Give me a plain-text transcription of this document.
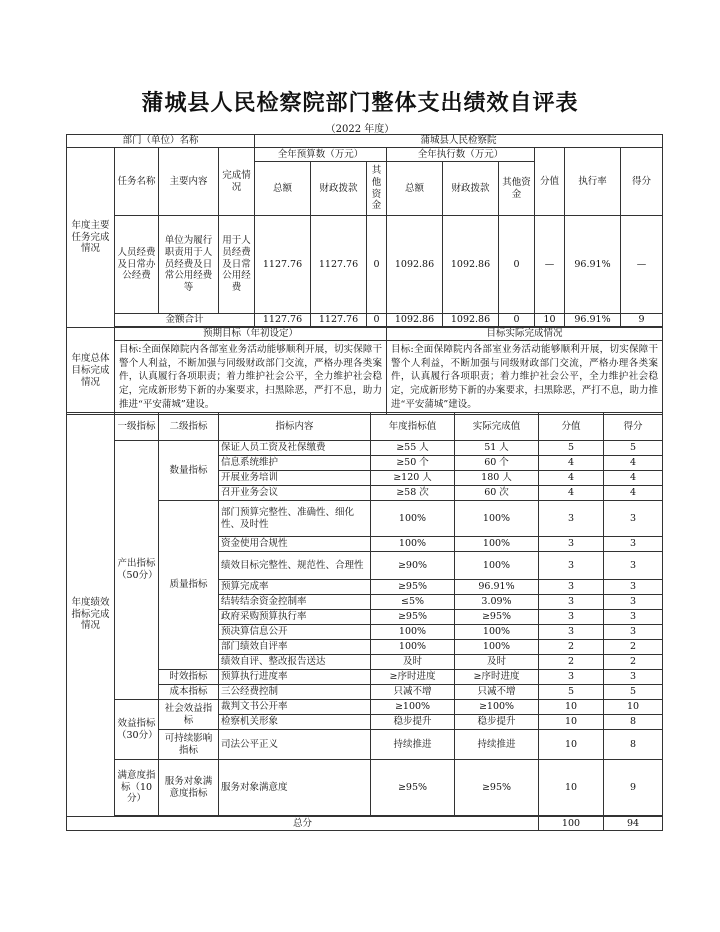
蒲城县人民检察院部门整体支出绩效自评表
（2022 年度）
部门（单位）名称				蒲城县人民检察院								
年度主要任务完成情况	任务名称	主要内容	完成情况	全年预算数（万元）			全年执行数（万元）			分值	执行率	得分
				总额	财政拨款	其他资金	总额	财政拨款	其他资金			
	人员经费及日常办公经费	单位为履行职责用于人员经费及日常公用经费等	用于人员经费及日常公用经费	1127.76	1127.76	0	1092.86	1092.86	0	—	96.91%	—
	金额合计			1127.76	1127.76	0	1092.86	1092.86	0	10	96.91%	9

年度总体目标完成情况	预期目标（年初设定）						目标实际完成情况					
	目标:全面保障院内各部室业务活动能够顺利开展，切实保障干警个人利益，不断加强与同级财政部门交流，严格办理各类案件，认真履行各项职责；着力维护社会公平，全力维护社会稳定，完成新形势下新的办案要求，扫黑除恶，严打不息，助力推进“平安蒲城”建设。						目标:全面保障院内各部室业务活动能够顺利开展，切实保障干警个人利益，不断加强与同级财政部门交流，严格办理各类案件，认真履行各项职责；着力维护社会公平，全力维护社会稳定，完成新形势下新的办案要求，扫黑除恶，严打不息，助力推进“平安蒲城”建设。					
年度绩效指标完成情况	一级指标	二级指标	指标内容	年度指标值	实际完成值	分值	得分
	产出指标（50分）	数量指标	保证人员工资及社保缴费	≥55 人	51 人	5	5
			信息系统维护	≥50 个	60 个	4	4
			开展业务培训	≥120 人	180 人	4	4
			召开业务会议	≥58 次	60 次	4	4
		质量指标	部门预算完整性、准确性、细化性、及时性	100%	100%	3	3
			资金使用合规性	100%	100%	3	3
			绩效目标完整性、规范性、合理性	≥90%	100%	3	3
			预算完成率	≥95%	96.91%	3	3
			结转结余资金控制率	≤5%	3.09%	3	3
			政府采购预算执行率	≥95%	≥95%	3	3
			预决算信息公开	100%	100%	3	3
			部门绩效自评率	100%	100%	2	2
			绩效自评、整改报告送达	及时	及时	2	2
		时效指标	预算执行进度率	≥序时进度	≥序时进度	3	3
		成本指标	三公经费控制	只减不增	只减不增	5	5
	效益指标（30分）	社会效益指标	裁判文书公开率	≥100%	≥100%	10	10
			检察机关形象	稳步提升	稳步提升	10	8
		可持续影响指标	司法公平正义	持续推进	持续推进	10	8
	满意度指标（10分）	服务对象满意度指标	服务对象满意度	≥95%	≥95%	10	9

总分						100	94
